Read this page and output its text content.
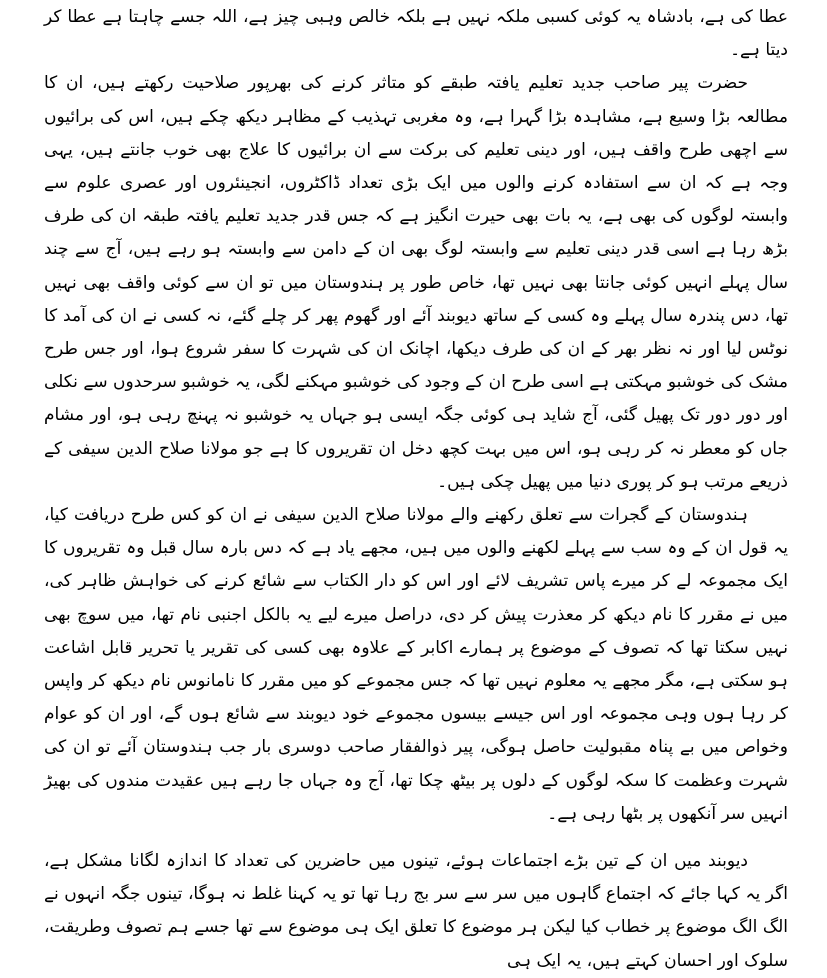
عطا کی ہے، بادشاہ یہ کوئی کسبی ملکہ نہیں ہے بلکہ خالص وہبی چیز ہے، اللہ جسے چاہتا ہے عطا کر دیتا ہے۔

حضرت پیر صاحب جدید تعلیم یافتہ طبقے کو متاثر کرنے کی بھرپور صلاحیت رکھتے ہیں، ان کا مطالعہ بڑا وسیع ہے، مشاہدہ بڑا گہرا ہے، وہ مغربی تہذیب کے مظاہر دیکھ چکے ہیں، اس کی برائیوں سے اچھی طرح واقف ہیں، اور دینی تعلیم کی برکت سے ان برائیوں کا علاج بھی خوب جانتے ہیں، یہی وجہ ہے کہ ان سے استفادہ کرنے والوں میں ایک بڑی تعداد ڈاکٹروں، انجینئروں اور عصری علوم سے وابستہ لوگوں کی بھی ہے، یہ بات بھی حیرت انگیز ہے کہ جس قدر جدید تعلیم یافتہ طبقہ ان کی طرف بڑھ رہا ہے اسی قدر دینی تعلیم سے وابستہ لوگ بھی ان کے دامن سے وابستہ ہو رہے ہیں، آج سے چند سال پہلے انہیں کوئی جانتا بھی نہیں تھا، خاص طور پر ہندوستان میں تو ان سے کوئی واقف بھی نہیں تھا، دس پندرہ سال پہلے وہ کسی کے ساتھ دیوبند آئے اور گھوم پھر کر چلے گئے، نہ کسی نے ان کی آمد کا نوٹس لیا اور نہ نظر بھر کے ان کی طرف دیکھا، اچانک ان کی شہرت کا سفر شروع ہوا، اور جس طرح مشک کی خوشبو مہکتی ہے اسی طرح ان کے وجود کی خوشبو مہکنے لگی، یہ خوشبو سرحدوں سے نکلی اور دور دور تک پھیل گئی، آج شاید ہی کوئی جگہ ایسی ہو جہاں یہ خوشبو نہ پہنچ رہی ہو، اور مشام جاں کو معطر نہ کر رہی ہو، اس میں بہت کچھ دخل ان تقریروں کا ہے جو مولانا صلاح الدین سیفی کے ذریعے مرتب ہو کر پوری دنیا میں پھیل چکی ہیں۔

ہندوستان کے گجرات سے تعلق رکھنے والے مولانا صلاح الدین سیفی نے ان کو کس طرح دریافت کیا، یہ قول ان کے وہ سب سے پہلے لکھنے والوں میں ہیں، مجھے یاد ہے کہ دس بارہ سال قبل وہ تقریروں کا ایک مجموعہ لے کر میرے پاس تشریف لائے اور اس کو دار الکتاب سے شائع کرنے کی خواہش ظاہر کی، میں نے مقرر کا نام دیکھ کر معذرت پیش کر دی، دراصل میرے لیے یہ بالکل اجنبی نام تھا، میں سوچ بھی نہیں سکتا تھا کہ تصوف کے موضوع پر ہمارے اکابر کے علاوہ بھی کسی کی تقریر یا تحریر قابل اشاعت ہو سکتی ہے، مگر مجھے یہ معلوم نہیں تھا کہ جس مجموعے کو میں مقرر کا نامانوس نام دیکھ کر واپس کر رہا ہوں وہی مجموعہ اور اس جیسے بیسوں مجموعے خود دیوبند سے شائع ہوں گے، اور ان کو عوام وخواص میں بے پناہ مقبولیت حاصل ہوگی، پیر ذوالفقار صاحب دوسری بار جب ہندوستان آئے تو ان کی شہرت وعظمت کا سکہ لوگوں کے دلوں پر بیٹھ چکا تھا، آج وہ جہاں جا رہے ہیں عقیدت مندوں کی بھیڑ انہیں سر آنکھوں پر بٹھا رہی ہے۔

دیوبند میں ان کے تین بڑے اجتماعات ہوئے، تینوں میں حاضرین کی تعداد کا اندازہ لگانا مشکل ہے، اگر یہ کہا جائے کہ اجتماع گاہوں میں سر سے سر بج رہا تھا تو یہ کہنا غلط نہ ہوگا، تینوں جگہ انہوں نے الگ الگ موضوع پر خطاب کیا لیکن ہر موضوع کا تعلق ایک ہی موضوع سے تھا جسے ہم تصوف وطریقت، سلوک اور احسان کہتے ہیں، یہ ایک ہی
